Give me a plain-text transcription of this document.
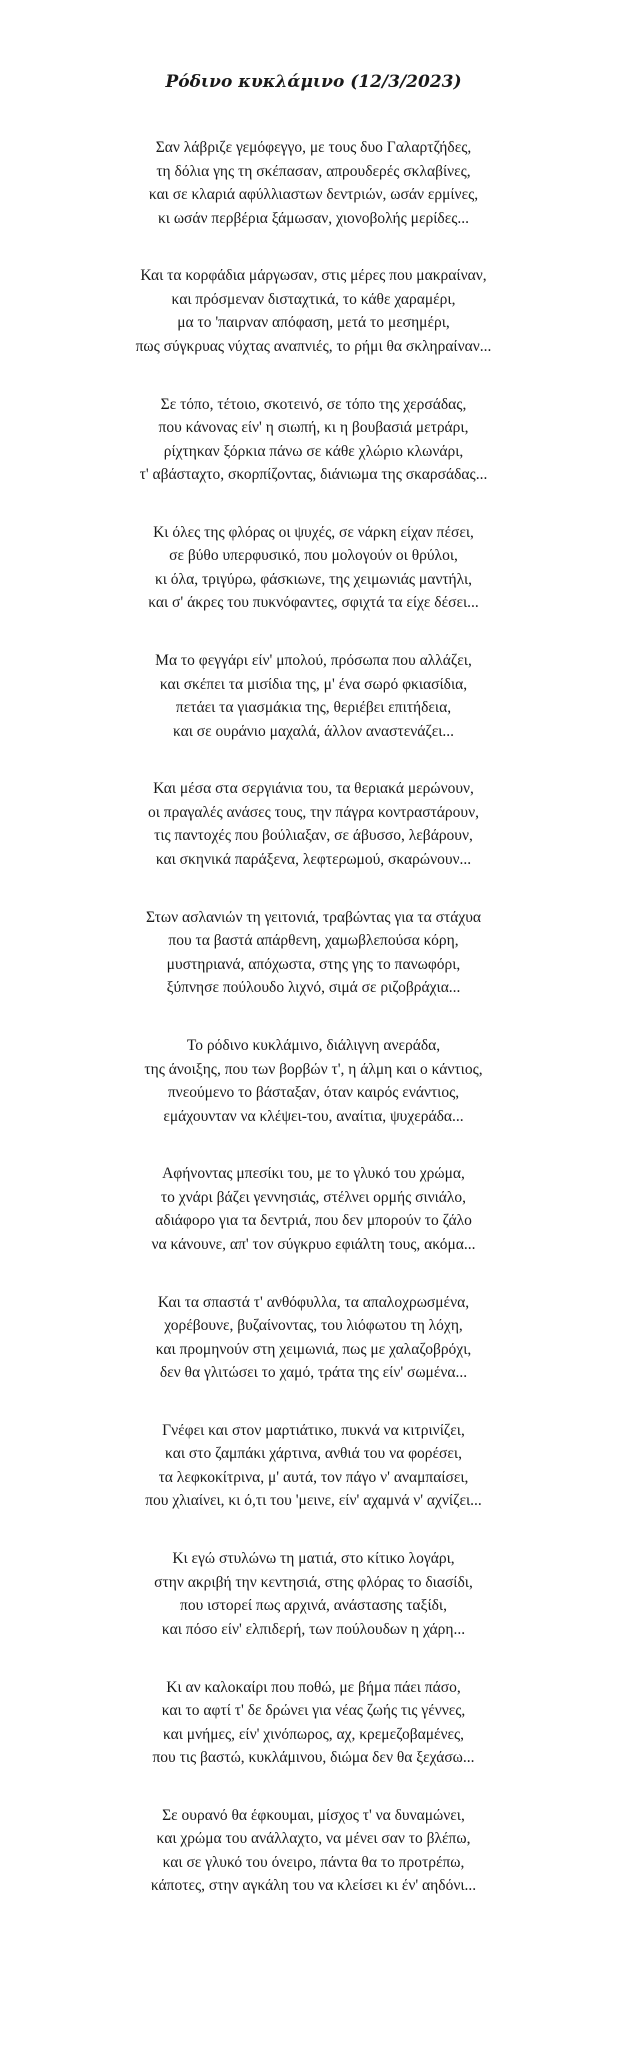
Ρόδινο κυκλάμινο (12/3/2023)
Σαν λάβριζε γεμόφεγγο, με τους δυο Γαλαρτζήδες,
τη δόλια γης τη σκέπασαν, απρουδερές σκλαβίνες,
και σε κλαριά αφύλλιαστων δεντριών, ωσάν ερμίνες,
κι ωσάν περβέρια ξάμωσαν, χιονοβολής μερίδες...
Και τα κορφάδια μάργωσαν, στις μέρες που μακραίναν,
και πρόσμεναν δισταχτικά, το κάθε χαραμέρι,
μα το 'παιρναν απόφαση, μετά το μεσημέρι,
πως σύγκρυας νύχτας αναπνιές, το ρήμι θα σκληραίναν...
Σε τόπο, τέτοιο, σκοτεινό, σε τόπο της χερσάδας,
που κάνονας είν' η σιωπή, κι η βουβασιά μετράρι,
ρίχτηκαν ξόρκια πάνω σε κάθε χλώριο κλωνάρι,
τ' αβάσταχτο, σκορπίζοντας, διάνιωμα της σκαρσάδας...
Κι όλες της φλόρας οι ψυχές, σε νάρκη είχαν πέσει,
σε βύθο υπερφυσικό, που μολογούν οι θρύλοι,
κι όλα, τριγύρω, φάσκιωνε, της χειμωνιάς μαντήλι,
και σ' άκρες του πυκνόφαντες, σφιχτά τα είχε δέσει...
Μα το φεγγάρι είν' μπολού, πρόσωπα που αλλάζει,
και σκέπει τα μισίδια της, μ' ένα σωρό φκιασίδια,
πετάει τα γιασμάκια της, θεριέβει επιτήδεια,
και σε ουράνιο μαχαλά, άλλον αναστενάζει...
Και μέσα στα σεργιάνια του, τα θεριακά μερώνουν,
οι πραγαλές ανάσες τους, την πάγρα κοντραστάρουν,
τις παντοχές που βούλιαξαν, σε άβυσσο, λεβάρουν,
και σκηνικά παράξενα, λεφτερωμού, σκαρώνουν...
Στων ασλανιών τη γειτονιά, τραβώντας για τα στάχυα
που τα βαστά απάρθενη, χαμωβλεπούσα κόρη,
μυστηριανά, απόχωστα, στης γης το πανωφόρι,
ξύπνησε πούλουδο λιχνό, σιμά σε ριζοβράχια...
Το ρόδινο κυκλάμινο, διάλιγνη ανεράδα,
της άνοιξης, που των βορβών τ', η άλμη και ο κάντιος,
πνεούμενο το βάσταξαν, όταν καιρός ενάντιος,
εμάχουνταν να κλέψει-του, αναίτια, ψυχεράδα...
Αφήνοντας μπεσίκι του, με το γλυκό του χρώμα,
το χνάρι βάζει γεννησιάς, στέλνει ορμής σινιάλο,
αδιάφορο για τα δεντριά, που δεν μπορούν το ζάλο
να κάνουνε, απ' τον σύγκρυο εφιάλτη τους, ακόμα...
Και τα σπαστά τ' ανθόφυλλα, τα απαλοχρωσμένα,
χορέβουνε, βυζαίνοντας, του λιόφωτου τη λόχη,
και προμηνούν στη χειμωνιά, πως με χαλαζοβρόχι,
δεν θα γλιτώσει το χαμό, τράτα της είν' σωμένα...
Γνέφει και στον μαρτιάτικο, πυκνά να κιτρινίζει,
και στο ζαμπάκι χάρτινα, ανθιά του να φορέσει,
τα λεφκοκίτρινα, μ' αυτά, τον πάγο ν' αναμπαίσει,
που χλιαίνει, κι ό,τι του 'μεινε, είν' αχαμνά ν' αχνίζει...
Κι εγώ στυλώνω τη ματιά, στο κίτικο λογάρι,
στην ακριβή την κεντησιά, στης φλόρας το διασίδι,
που ιστορεί πως αρχινά, ανάστασης ταξίδι,
και πόσο είν' ελπιδερή, των πούλουδων η χάρη...
Κι αν καλοκαίρι που ποθώ, με βήμα πάει πάσο,
και το αφτί τ' δε δρώνει για νέας ζωής τις γέννες,
και μνήμες, είν' χινόπωρος, αχ, κρεμεζοβαμένες,
που τις βαστώ, κυκλάμινου, διώμα δεν θα ξεχάσω...
Σε ουρανό θα έφκουμαι, μίσχος τ' να δυναμώνει,
και χρώμα του ανάλλαχτο, να μένει σαν το βλέπω,
και σε γλυκό του όνειρο, πάντα θα το προτρέπω,
κάποτες, στην αγκάλη του να κλείσει κι έν' αηδόνι...
